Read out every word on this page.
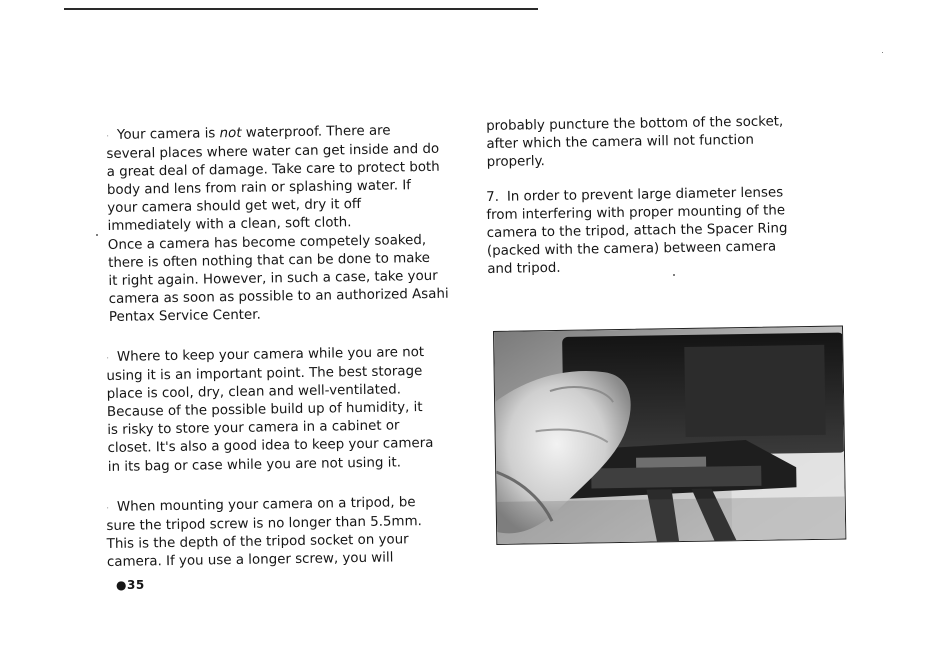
· Your camera is not waterproof. There are
several places where water can get inside and do
a great deal of damage. Take care to protect both
body and lens from rain or splashing water. If
your camera should get wet, dry it off
immediately with a clean, soft cloth.
Once a camera has become competely soaked,
there is often nothing that can be done to make
it right again. However, in such a case, take your
camera as soon as possible to an authorized Asahi
Pentax Service Center.

· Where to keep your camera while you are not
using it is an important point. The best storage
place is cool, dry, clean and well-ventilated.
Because of the possible build up of humidity, it
is risky to store your camera in a cabinet or
closet. It's also a good idea to keep your camera
in its bag or case while you are not using it.

· When mounting your camera on a tripod, be
sure the tripod screw is no longer than 5.5mm.
This is the depth of the tripod socket on your
camera. If you use a longer screw, you will

probably puncture the bottom of the socket,
after which the camera will not function
properly.

7. In order to prevent large diameter lenses
from interfering with proper mounting of the
camera to the tripod, attach the Spacer Ring
(packed with the camera) between camera
and tripod.

●35
